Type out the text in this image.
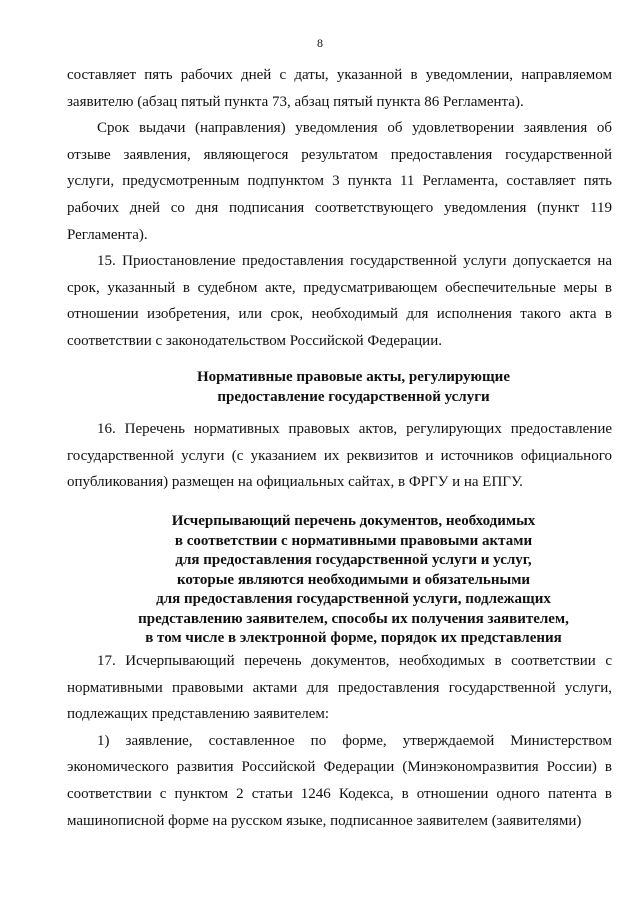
8

составляет пять рабочих дней с даты, указанной в уведомлении, направляемом заявителю (абзац пятый пункта 73, абзац пятый пункта 86 Регламента).

Срок выдачи (направления) уведомления об удовлетворении заявления об отзыве заявления, являющегося результатом предоставления государственной услуги, предусмотренным подпунктом 3 пункта 11 Регламента, составляет пять рабочих дней со дня подписания соответствующего уведомления (пункт 119 Регламента).

15. Приостановление предоставления государственной услуги допускается на срок, указанный в судебном акте, предусматривающем обеспечительные меры в отношении изобретения, или срок, необходимый для исполнения такого акта в соответствии с законодательством Российской Федерации.

Нормативные правовые акты, регулирующие
предоставление государственной услуги

16. Перечень нормативных правовых актов, регулирующих предоставление государственной услуги (с указанием их реквизитов и источников официального опубликования) размещен на официальных сайтах, в ФРГУ и на ЕПГУ.

Исчерпывающий перечень документов, необходимых
в соответствии с нормативными правовыми актами
для предоставления государственной услуги и услуг,
которые являются необходимыми и обязательными
для предоставления государственной услуги, подлежащих
представлению заявителем, способы их получения заявителем,
в том числе в электронной форме, порядок их представления

17. Исчерпывающий перечень документов, необходимых в соответствии с нормативными правовыми актами для предоставления государственной услуги, подлежащих представлению заявителем:

1) заявление, составленное по форме, утверждаемой Министерством экономического развития Российской Федерации (Минэкономразвития России) в соответствии с пунктом 2 статьи 1246 Кодекса, в отношении одного патента в машинописной форме на русском языке, подписанное заявителем (заявителями)
